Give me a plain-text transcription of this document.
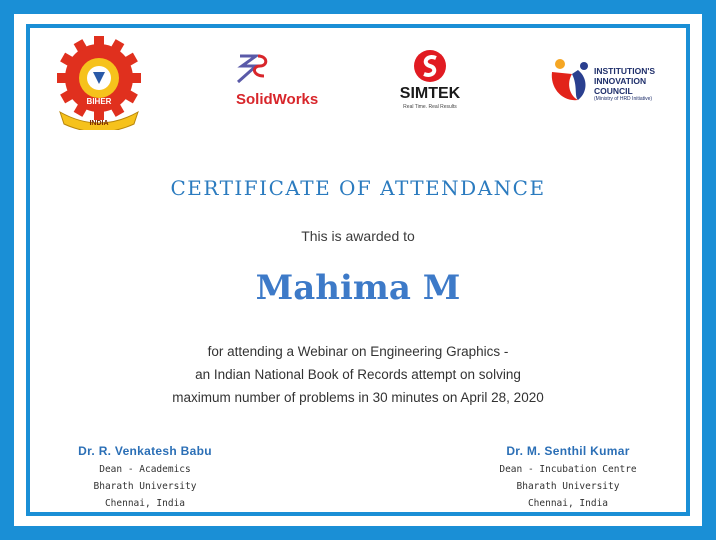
BIHER
INDIA
SolidWorks	SIMTEK
Real Time. Real Results
INSTITUTION'S
INNOVATION
COUNCIL
(Ministry of HRD Initiative)
CERTIFICATE OF ATTENDANCE
This is awarded to
Mahima M
for attending a Webinar on Engineering Graphics -
an Indian National Book of Records attempt on solving
maximum number of problems in 30 minutes on April 28, 2020
Dr. R. Venkatesh Babu
Dean - Academics
Bharath University
Chennai, India
Dr. M. Senthil Kumar
Dean - Incubation Centre
Bharath University
Chennai, India
